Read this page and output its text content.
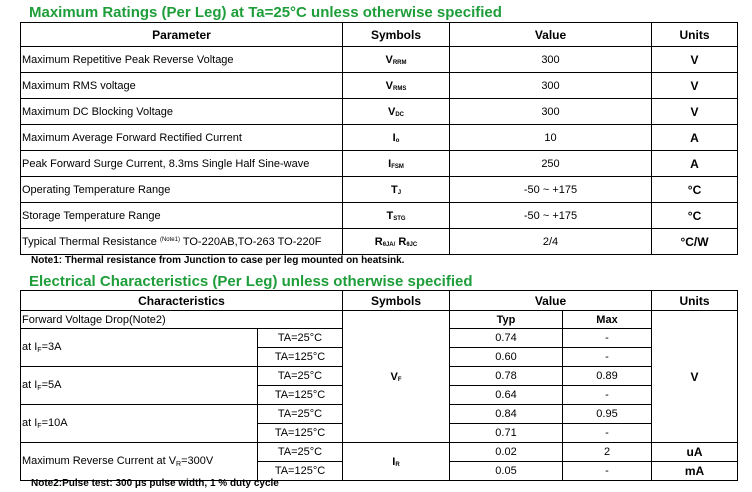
Maximum Ratings (Per Leg) at Ta=25°C unless otherwise specified
Parameter	Symbols	Value	Units
Maximum Repetitive Peak Reverse Voltage	$V_{RRM}$	300	V
Maximum RMS voltage	$V_{RMS}$	300	V
Maximum DC Blocking Voltage	$V_{DC}$	300	V
Maximum Average Forward Rectified Current	$I_o$	10	A
Peak Forward Surge Current, 8.3ms Single Half Sine-wave	$I_{FSM}$	250	A
Operating Temperature Range	$T_J$	-50 ~ +175	°C
Storage Temperature Range	$T_{STG}$	-50 ~ +175	°C
Typical Thermal Resistance $^{(Note1)}$ TO-220AB,TO-263 TO-220F	$R_{\theta JA/}$ $R_{\theta JC}$	2/4	°C/W
Note1: Thermal resistance from Junction to case per leg mounted on heatsink.
Electrical Characteristics (Per Leg) unless otherwise specified
Characteristics		Symbols	Value		Units
Forward Voltage Drop(Note2)		$V_F$	Typ	Max	V
at IF=3A	TA=25°C		0.74	-	
	TA=125°C		0.60	-	
at IF=5A	TA=25°C		0.78	0.89	
	TA=125°C		0.64	-	
at IF=10A	TA=25°C		0.84	0.95	
	TA=125°C		0.71	-	
Maximum Reverse Current at VR=300V	TA=25°C	$I_R$	0.02	2	uA
	TA=125°C		0.05	-	mA
Note2:Pulse test: 300 μs pulse width, 1 % duty cycle
